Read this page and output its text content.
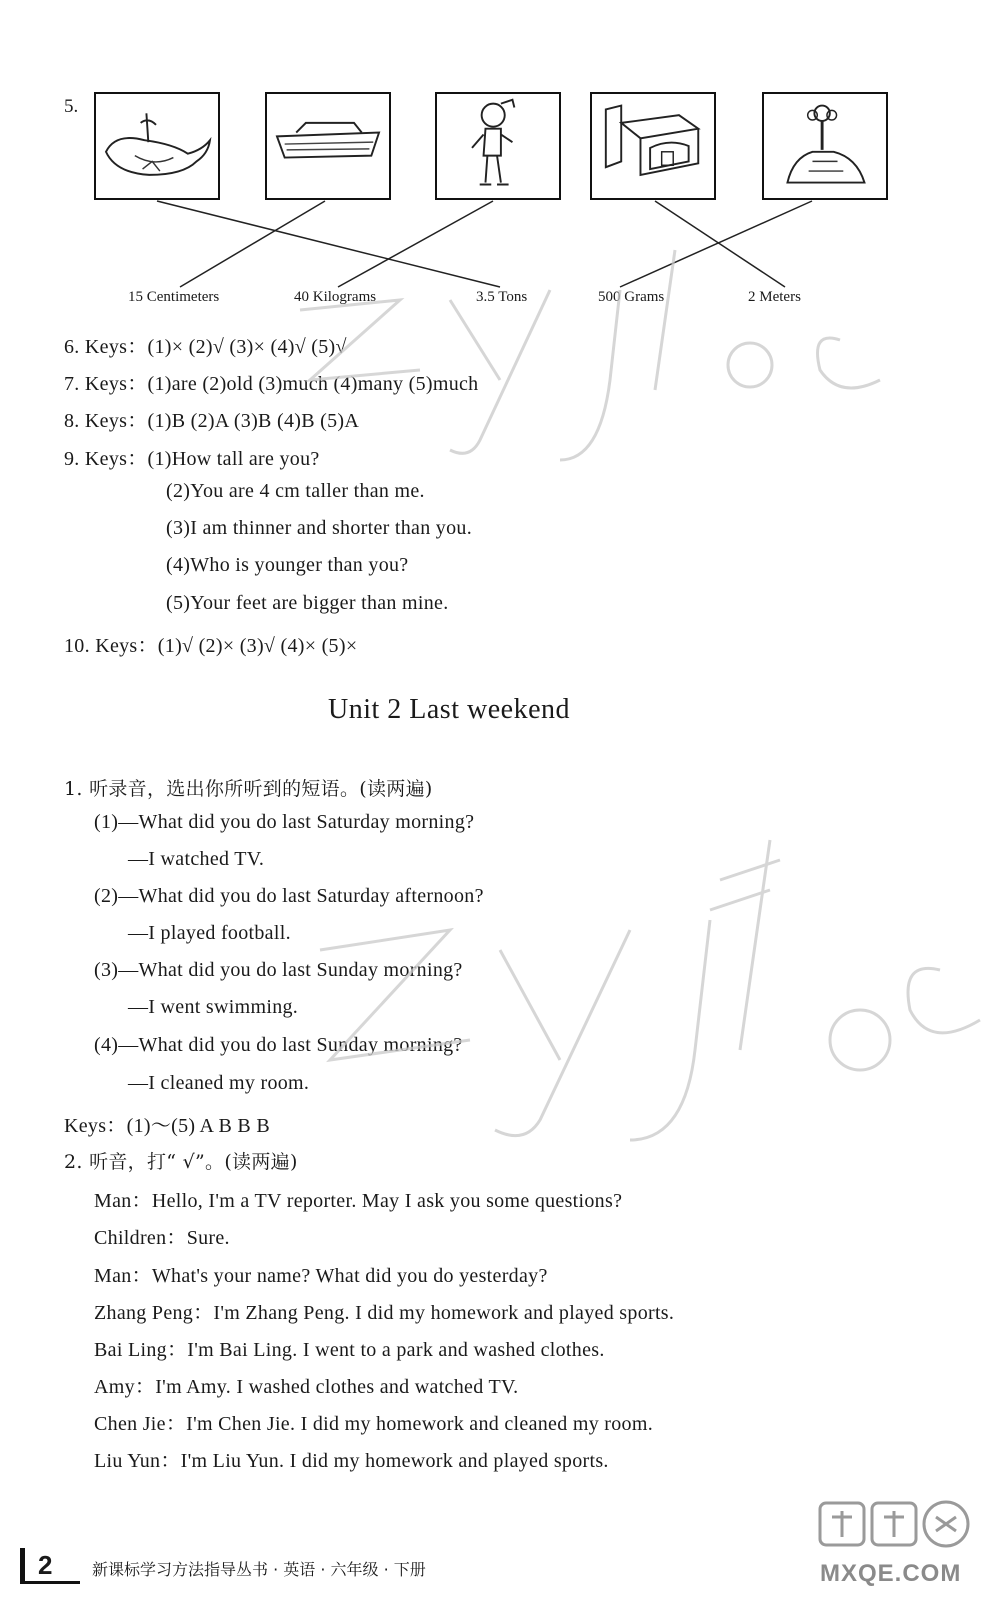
5.
15 Centimeters	40 Kilograms	3.5 Tons	500 Grams	2 Meters
6. Keys：(1)× (2)√ (3)× (4)√ (5)√
7. Keys：(1)are (2)old (3)much (4)many (5)much
8. Keys：(1)B (2)A (3)B (4)B (5)A
9. Keys：(1)How tall are you?
(2)You are 4 cm taller than me.
(3)I am thinner and shorter than you.
(4)Who is younger than you?
(5)Your feet are bigger than mine.
10. Keys：(1)√ (2)× (3)√ (4)× (5)×
Unit 2 Last weekend
1. 听录音，选出你所听到的短语。(读两遍)
(1)—What did you do last Saturday morning?
—I watched TV.
(2)—What did you do last Saturday afternoon?
—I played football.
(3)—What did you do last Sunday morning?
—I went swimming.
(4)—What did you do last Sunday morning?
—I cleaned my room.
Keys：(1)～(5) A B B B
2. 听音，打“ √”。(读两遍)
Man：Hello, I'm a TV reporter. May I ask you some questions?
Children：Sure.
Man：What's your name? What did you do yesterday?
Zhang Peng：I'm Zhang Peng. I did my homework and played sports.
Bai Ling：I'm Bai Ling. I went to a park and washed clothes.
Amy：I'm Amy. I washed clothes and watched TV.
Chen Jie：I'm Chen Jie. I did my homework and cleaned my room.
Liu Yun：I'm Liu Yun. I did my homework and played sports.
2 新课标学习方法指导丛书 · 英语 · 六年级 · 下册	MXQE.COM
